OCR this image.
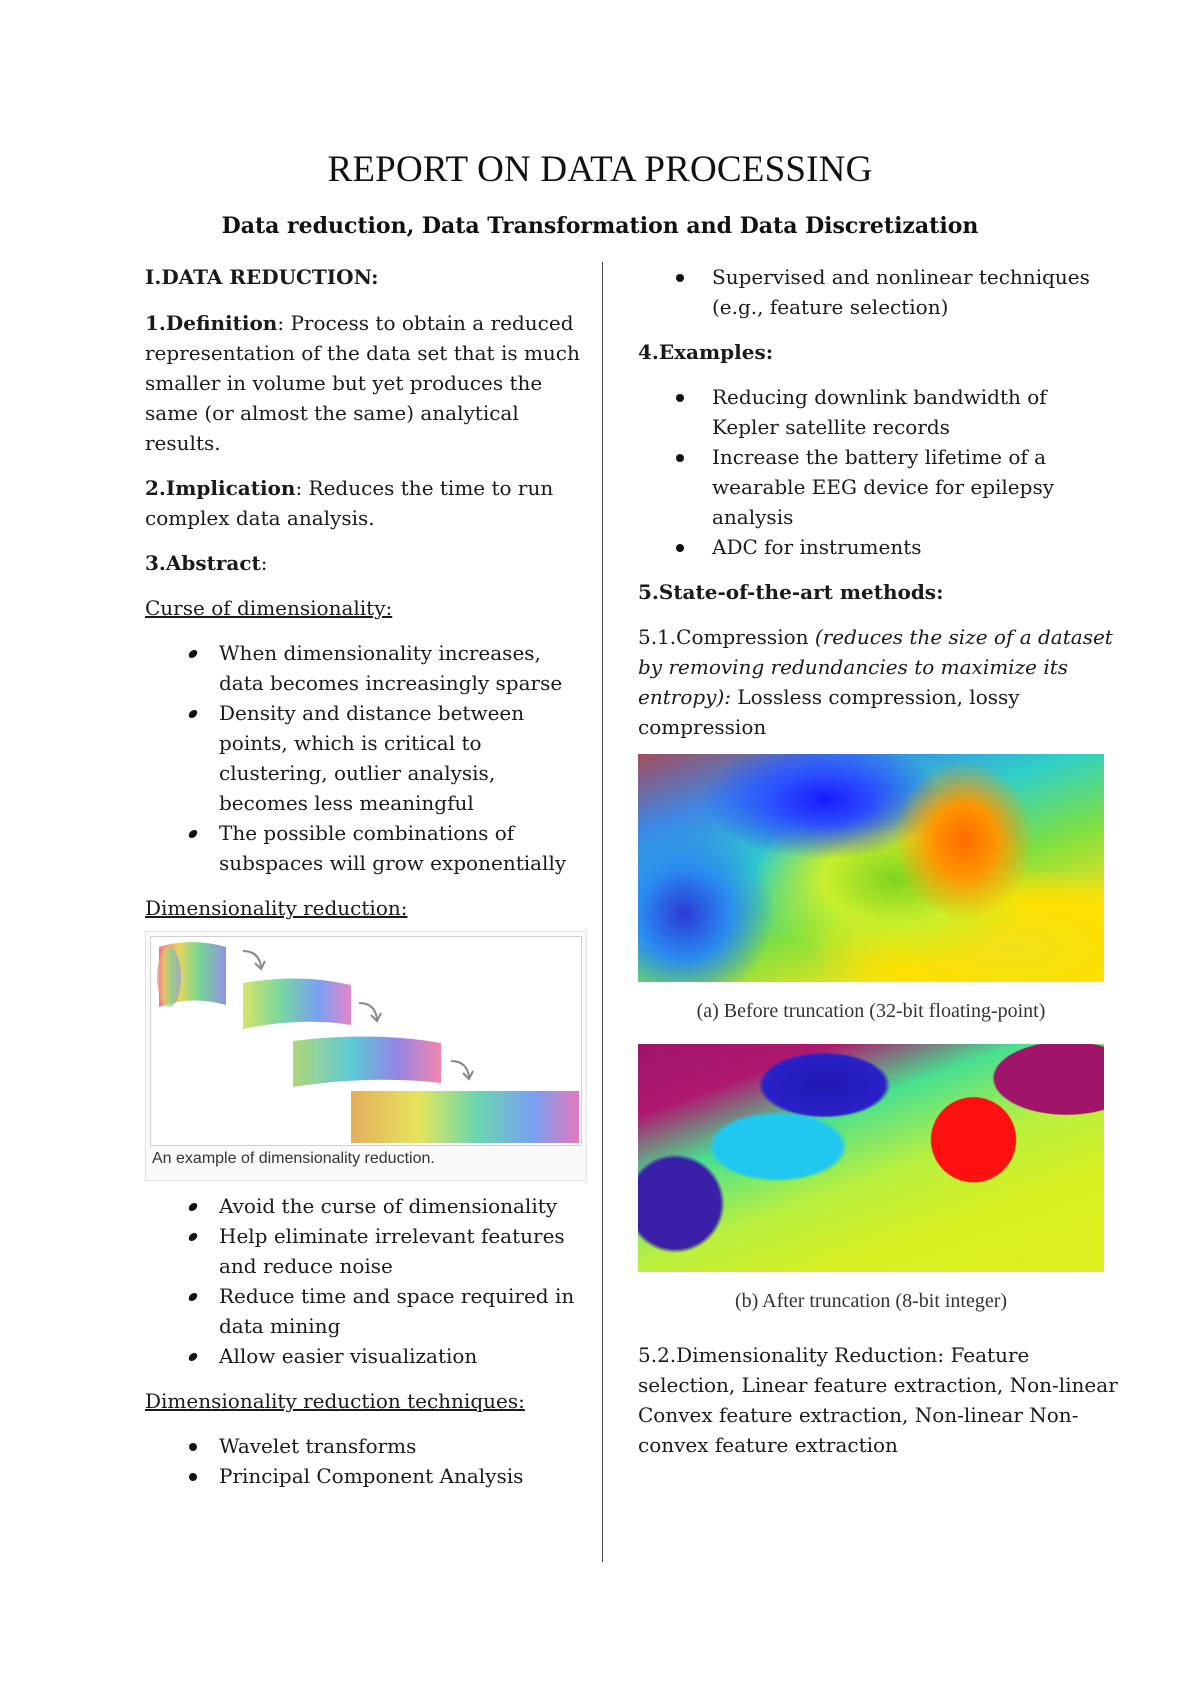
REPORT ON DATA PROCESSING
Data reduction, Data Transformation and Data Discretization

I.DATA REDUCTION:

1.Definition: Process to obtain a reduced representation of the data set that is much smaller in volume but yet produces the same (or almost the same) analytical results.

2.Implication: Reduces the time to run complex data analysis.

3.Abstract:

Curse of dimensionality:

When dimensionality increases, data becomes increasingly sparse
Density and distance between points, which is critical to clustering, outlier analysis, becomes less meaningful
The possible combinations of subspaces will grow exponentially

Dimensionality reduction:

An example of dimensionality reduction.
Avoid the curse of dimensionality
Help eliminate irrelevant features and reduce noise
Reduce time and space required in data mining
Allow easier visualization

Dimensionality reduction techniques:

Wavelet transforms
Principal Component Analysis
Supervised and nonlinear techniques (e.g., feature selection)

4.Examples:

Reducing downlink bandwidth of Kepler satellite records
Increase the battery lifetime of a wearable EEG device for epilepsy analysis
ADC for instruments

5.State-of-the-art methods:

5.1.Compression (reduces the size of a dataset by removing redundancies to maximize its entropy): Lossless compression, lossy compression

(a) Before truncation (32-bit floating-point)
(b) After truncation (8-bit integer)

5.2.Dimensionality Reduction: Feature selection, Linear feature extraction, Non-linear Convex feature extraction, Non-linear Non-convex feature extraction
